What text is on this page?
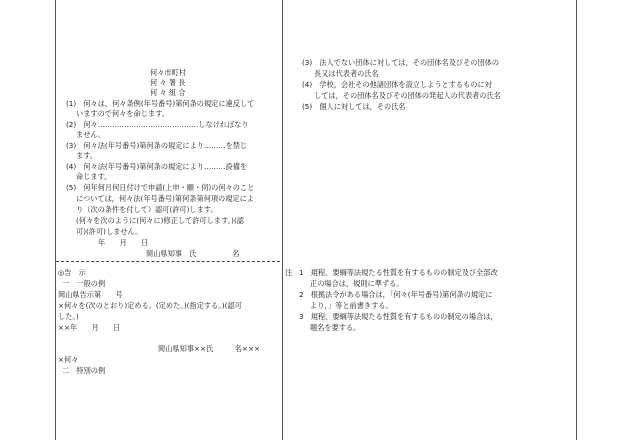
何々市町村
何 々 署 長
何 々 組 合
(1)　何々は，何々条例(年号番号)第何条の規定に違反して
いますので何々を命じます。
(2)　何々……………………………………しなければなり
ません。
(3)　何々法(年号番号)第何条の規定により………を禁じ
ます。
(4)　何々法(年号番号)第何条の規定により………設備を
命じます。
(5)　何年何月何日付けで申請(上申・願・伺)の何々のこと
については，何々法(年号番号)第何条第何項の規定によ
り（次の条件を付して）認可(許可)します。
(何々を次のように(何々に)修正して許可します。)(認
可)(許可)しません。
年　　月　　日
岡山県知事　氏　　　　　名
◎告　示
一　一般の例
岡山県告示第　　号
×何々を(次のとおり)定める。(定めた。)(指定する。)(認可
した。)
××年　　月　　日
岡山県知事××氏　　　名×××
×何々
二　特別の例
(3)　法人でない団体に対しては，その団体名及びその団体の
長又は代表者の氏名
(4)　学校，会社その他諸団体を設立しようとするものに対
しては，その団体名及びその団体の発起人の代表者の氏名
(5)　個人に対しては，その氏名
注 1　規程、要綱等法規たる性質を有するものの制定及び全部改
正の場合は，規則に準ずる。
2　根拠法令がある場合は，「何々(年号番号)第何条の規定に
より，」等と前書きする。
3　規程、要綱等法規たる性質を有するものの制定の場合は，
題名を要する。
